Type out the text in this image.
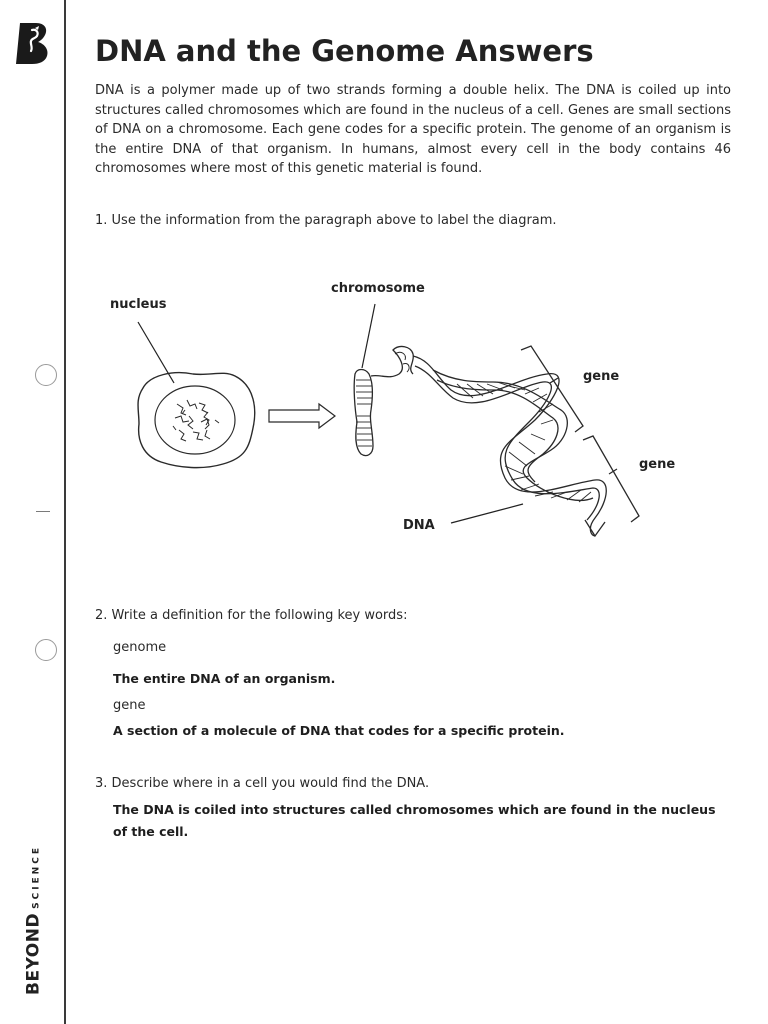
BEYONDSCIENCE
DNA and the Genome Answers

DNA is a polymer made up of two strands forming a double helix. The DNA is coiled up into structures called chromosomes which are found in the nucleus of a cell. Genes are small sections of DNA on a chromosome. Each gene codes for a specific protein. The genome of an organism is the entire DNA of that organism. In humans, almost every cell in the body contains 46 chromosomes where most of this genetic material is found.

1. Use the information from the paragraph above to label the diagram.
nucleus
chromosome
gene
gene
DNA
2. Write a definition for the following key words:
genome
The entire DNA of an organism.
gene
A section of a molecule of DNA that codes for a specific protein.
3. Describe where in a cell you would find the DNA.
The DNA is coiled into structures called chromosomes which are found in the nucleus of the cell.
